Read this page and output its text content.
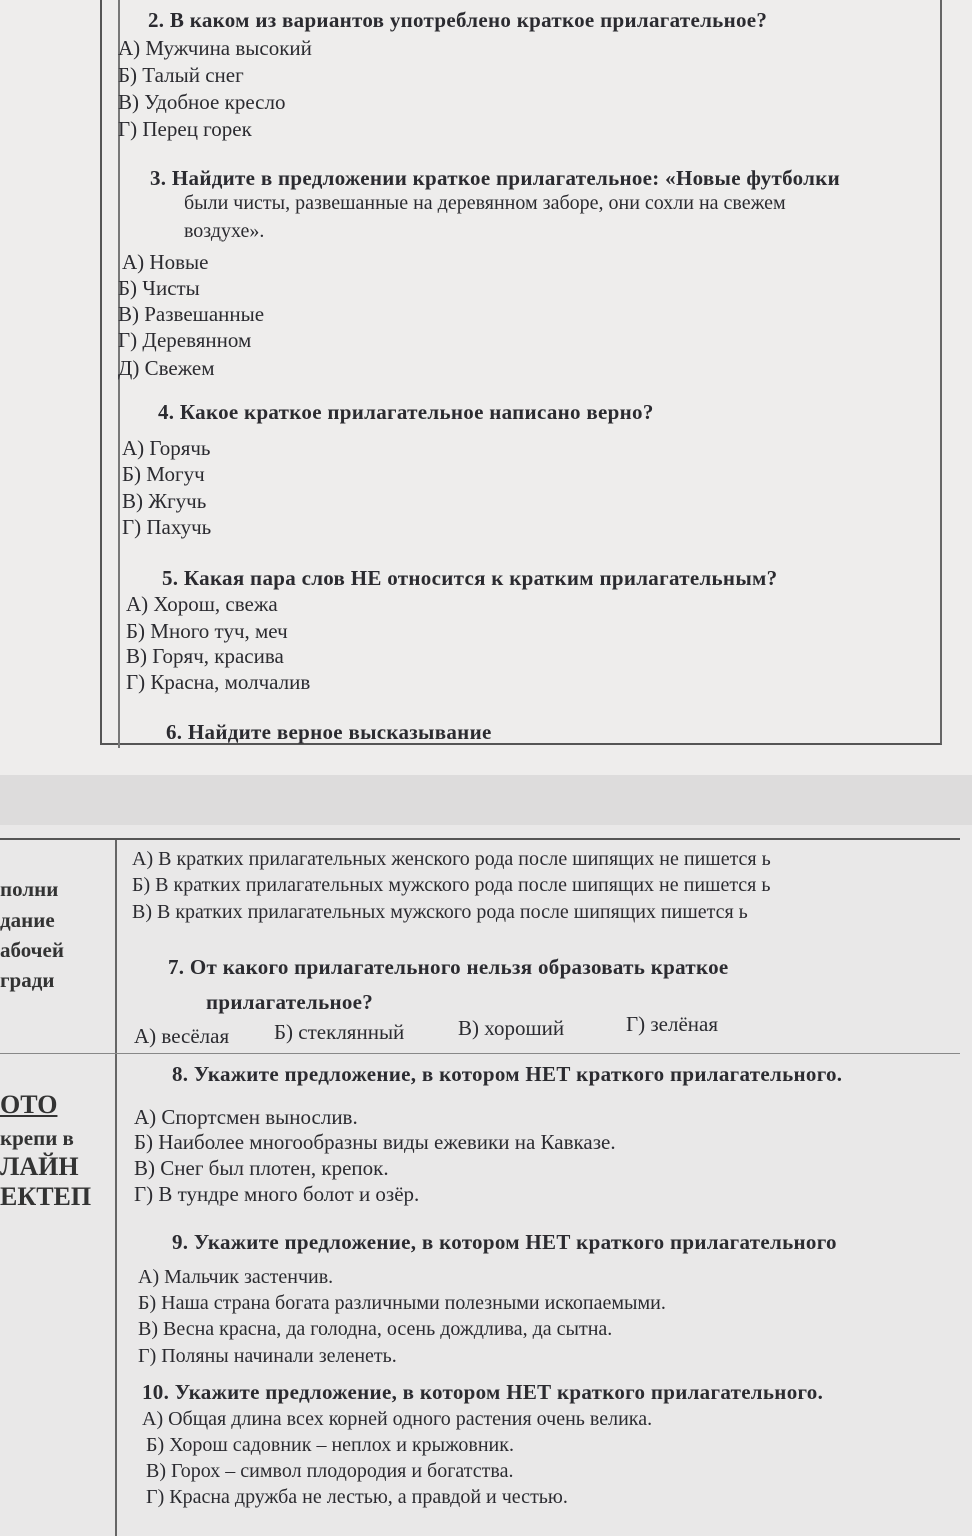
2. В каком из вариантов употреблено краткое прилагательное?
А) Мужчина высокий
Б) Талый снег
В) Удобное кресло
Г) Перец горек
3. Найдите в предложении краткое прилагательное: «Новые футболки
были чисты, развешанные на деревянном заборе, они сохли на свежем
воздухе».
А) Новые
Б) Чисты
В) Развешанные
Г) Деревянном
Д) Свежем
4. Какое краткое прилагательное написано верно?
А) Горячь
Б) Могуч
В) Жгучь
Г) Пахучь
5. Какая пара слов НЕ относится к кратким прилагательным?
А) Хорош, свежа
Б) Много туч, меч
В) Горяч, красива
Г) Красна, молчалив
6. Найдите верное высказывание
А) В кратких прилагательных женского рода после шипящих не пишется ь
Б) В кратких прилагательных мужского рода после шипящих не пишется ь
В) В кратких прилагательных мужского рода после шипящих пишется ь
полни
дание
абочей
гради
ОТО
крепи в
ЛАЙН
ЕКТЕП
7. От какого прилагательного нельзя образовать краткое
прилагательное?
А) весёлая Б) стеклянный	В) хороший	Г) зелёная
8. Укажите предложение, в котором НЕТ краткого прилагательного.
А) Спортсмен вынослив.
Б) Наиболее многообразны виды ежевики на Кавказе.
В) Снег был плотен, крепок.
Г) В тундре много болот и озёр.
9. Укажите предложение, в котором НЕТ краткого прилагательного
А) Мальчик застенчив.
Б) Наша страна богата различными полезными ископаемыми.
В) Весна красна, да голодна, осень дождлива, да сытна.
Г) Поляны начинали зеленеть.
10. Укажите предложение, в котором НЕТ краткого прилагательного.
А) Общая длина всех корней одного растения очень велика.
Б) Хорош садовник – неплох и крыжовник.
В) Горох – символ плодородия и богатства.
Г) Красна дружба не лестью, а правдой и честью.
